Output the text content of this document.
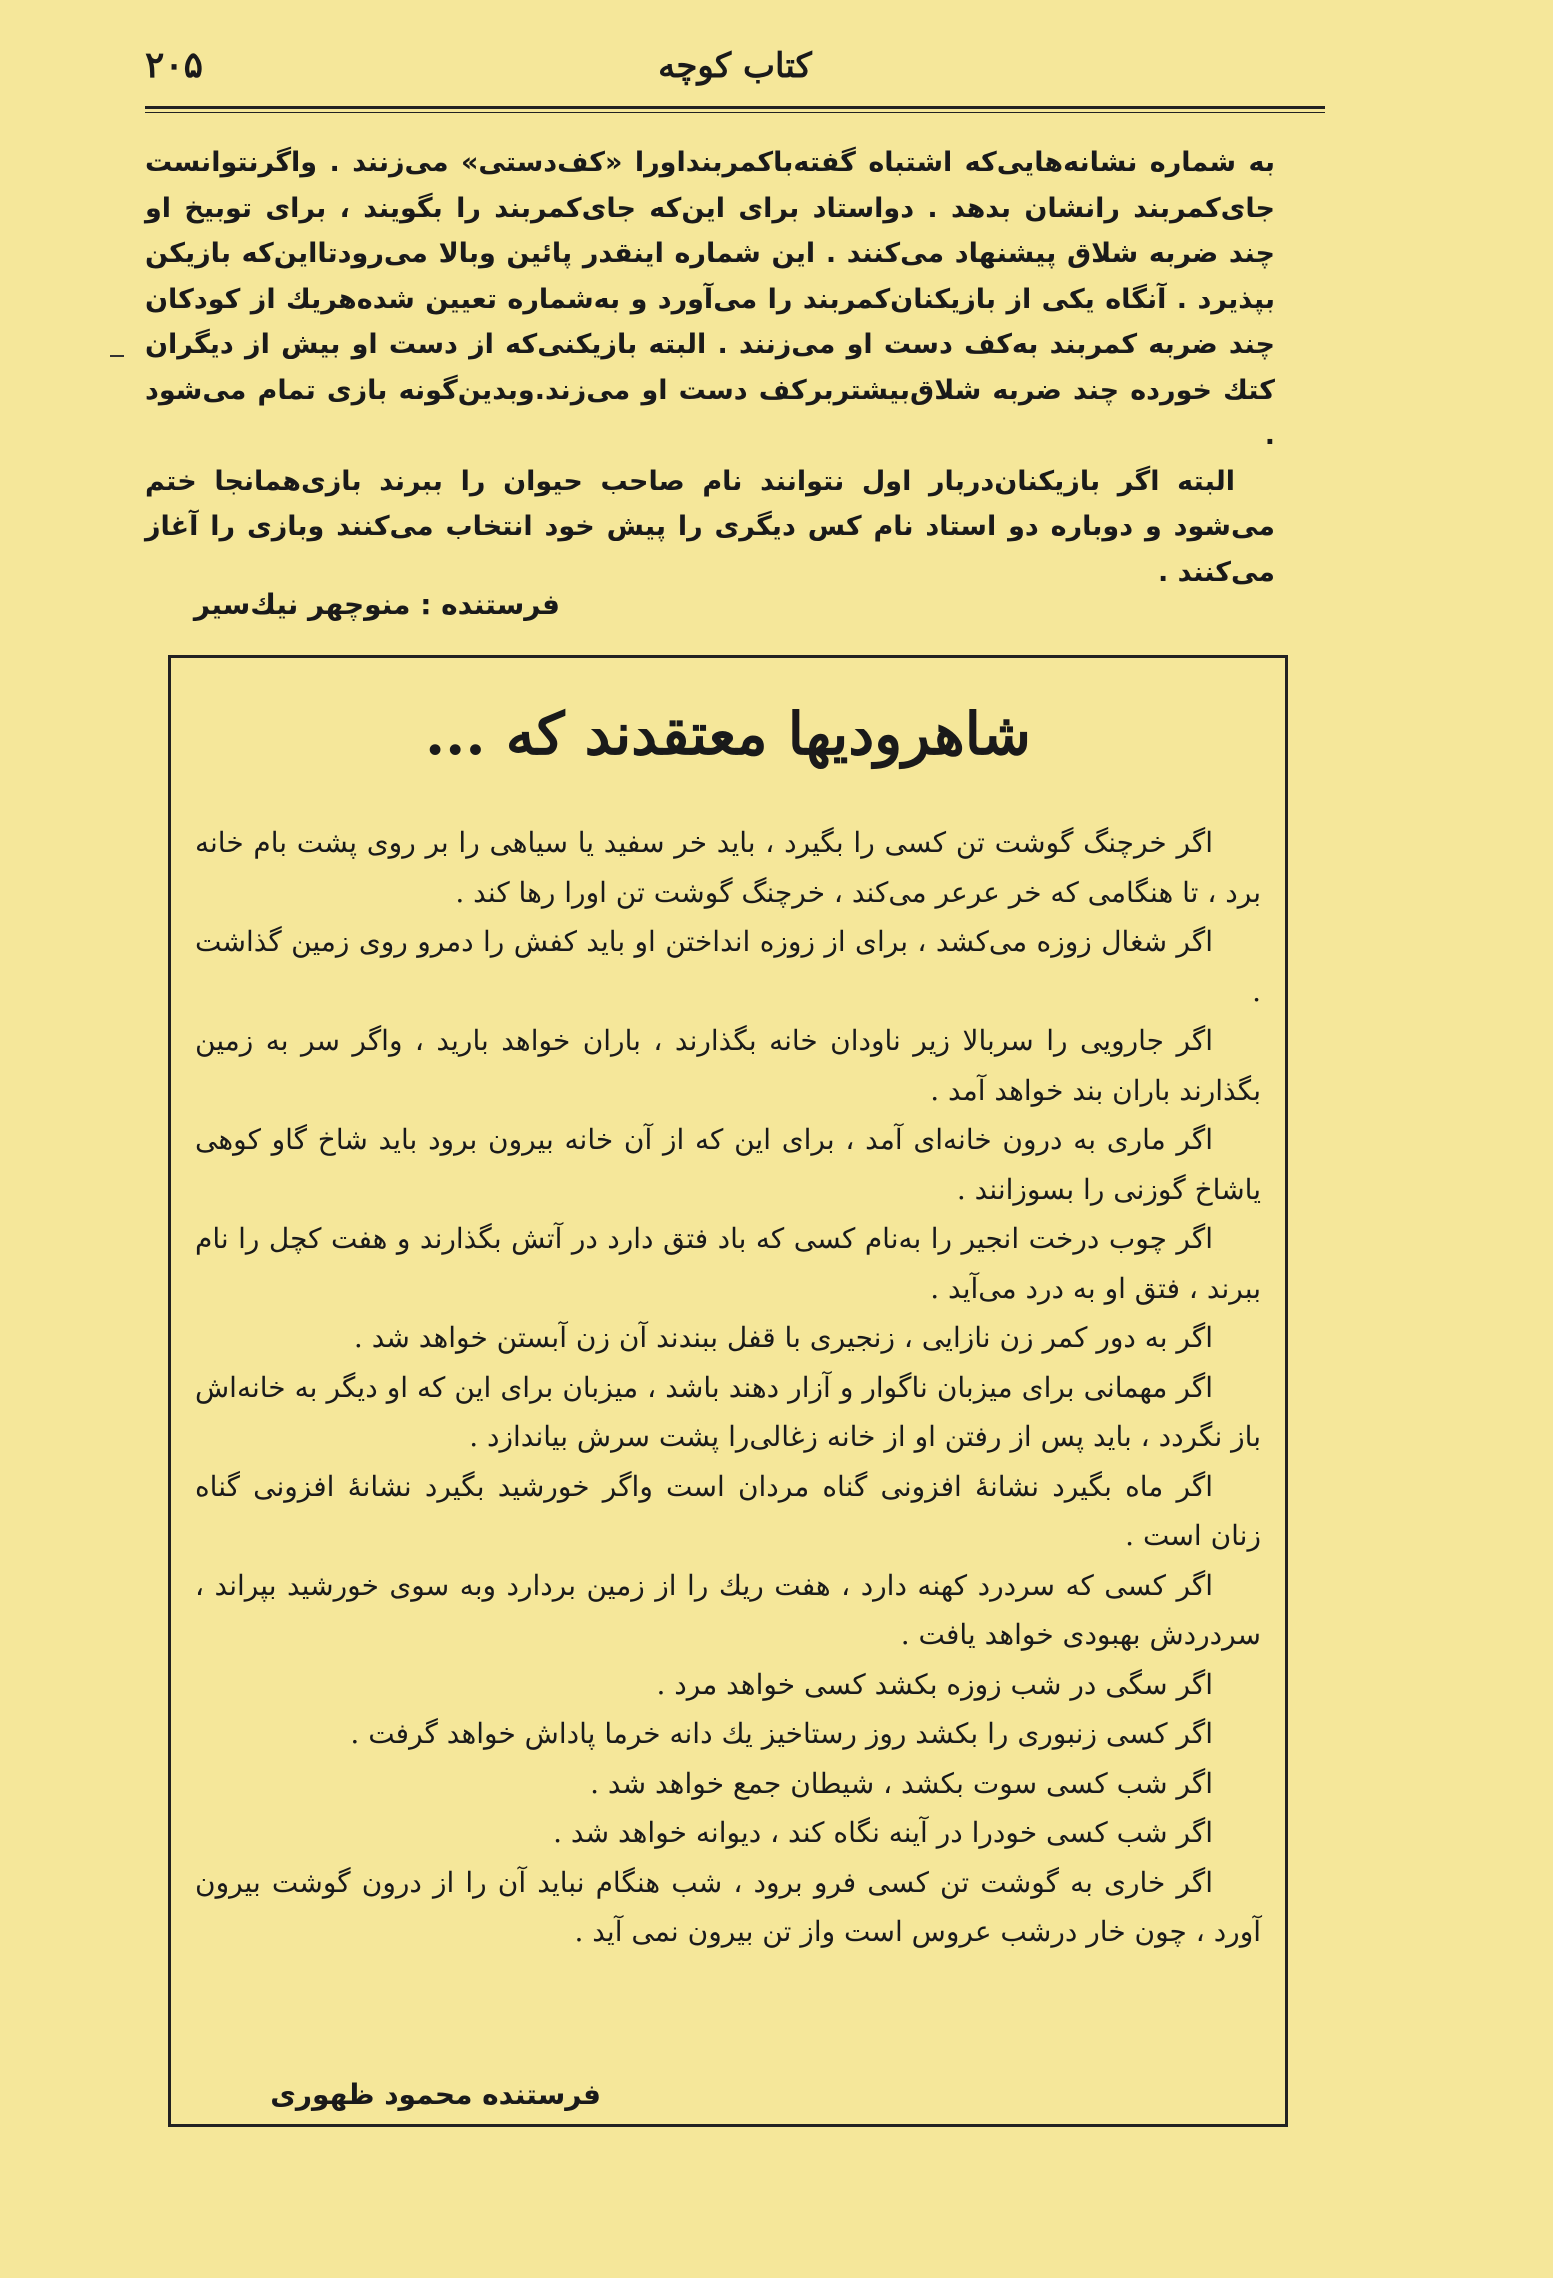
کتاب کوچه
۲۰۵

به شماره نشانه‌هایی‌که اشتباه گفته‌باکمربندا‌ورا «کف‌دستی» می‌زنند . واگرنتوانست جای‌کمربند رانشان بدهد . دواستاد برای این‌که جای‌کمربند را بگویند ، برای توبیخ او چند ضربه شلاق پیشنهاد می‌کنند . این شماره اینقدر پائین وبالا می‌رودتااین‌که بازیکن بپذیرد . آنگاه یکی از بازیکنان‌کمربند را می‌آورد و به‌شماره تعیین شده‌هریك از کودکان چند ضربه کمربند به‌کف دست او می‌زنند . البته بازیکنی‌که از دست او بیش از دیگران کتك خورده چند ضربه شلاق‌بیشتربرکف دست او می‌زند.وبدین‌گونه بازی تمام می‌شود .

البته اگر بازیکنان‌دربار اول نتوانند نام صاحب حیوان را ببرند بازی‌همانجا ختم می‌شود و دوباره دو استاد نام کس دیگری را پیش خود انتخاب می‌کنند وبازی را آغاز می‌کنند .

فرستنده : منوچهر نیك‌سیر
شاهرودیها معتقدند که ...

اگر خرچنگ گوشت تن کسی را بگیرد ، باید خر سفید یا سیاهی را بر روی پشت بام خانه برد ، تا هنگامی که خر عرعر می‌کند ، خرچنگ گوشت تن اورا رها کند .

اگر شغال زوزه می‌کشد ، برای از زوزه انداختن او باید کفش را دمرو روی زمین گذاشت .

اگر جارویی را سربالا زیر ناودان خانه بگذارند ، باران خواهد بارید ، واگر سر به زمین بگذارند باران بند خواهد آمد .

اگر ماری به درون خانه‌ای آمد ، برای این که از آن خانه بیرون برود باید شاخ گاو کوهی یاشاخ گوزنی را بسوزانند .

اگر چوب درخت انجیر را به‌نام کسی که باد فتق دارد در آتش بگذارند و هفت کچل را نام ببرند ، فتق او به درد می‌آید .

اگر به دور کمر زن نازایی ، زنجیری با قفل ببندند آن زن آبستن خواهد شد .

اگر مهمانی برای میزبان ناگوار و آزار دهند باشد ، میزبان برای این که او دیگر به خانه‌اش باز نگردد ، باید پس از رفتن او از خانه زغالی‌را پشت سرش بیاندازد .

اگر ماه بگیرد نشانهٔ افزونی گناه مردان است واگر خورشید بگیرد نشانهٔ افزونی گناه زنان است .

اگر کسی که سردرد کهنه دارد ، هفت ریك را از زمین بردارد وبه سوی خورشید بپراند ، سردردش بهبودی خواهد یافت .

اگر سگی در شب زوزه بکشد کسی خواهد مرد .

اگر کسی زنبوری را بکشد روز رستاخیز یك دانه خرما پاداش خواهد گرفت .

اگر شب کسی سوت بکشد ، شیطان جمع خواهد شد .

اگر شب کسی خودرا در آینه نگاه کند ، دیوانه خواهد شد .

اگر خاری به گوشت تن کسی فرو برود ، شب هنگام نباید آن را از درون گوشت بیرون آورد ، چون خار درشب عروس است واز تن بیرون نمی آید .

فرستنده محمود ظهوری
